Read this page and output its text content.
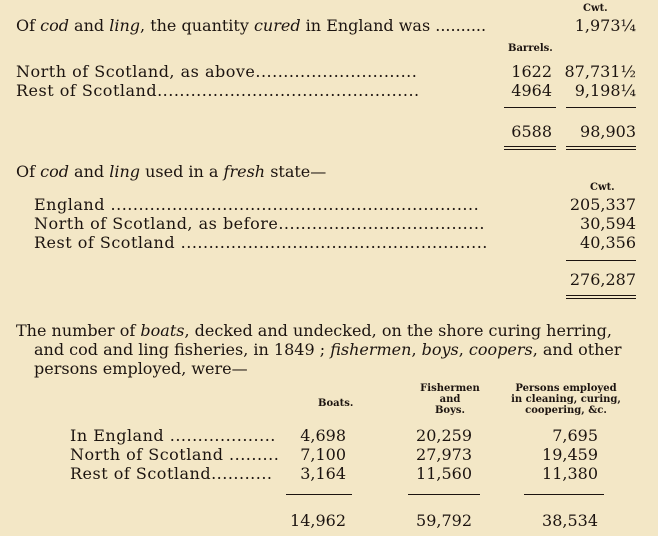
Cwt.
Of cod and ling, the quantity cured in England was ..........	1,973¼
Barrels.
North of Scotland, as above.............................	1622 87,731½
Rest of Scotland...............................................	4964 9,198¼
6588 98,903
Of cod and ling used in a fresh state—
Cwt.
England ..................................................................	205,337
North of Scotland, as before.....................................	30,594
Rest of Scotland .......................................................	40,356
276,287
The number of boats, decked and undecked, on the shore curing herring,
and cod and ling fisheries, in 1849 ; fishermen, boys, coopers, and other
persons employed, were—
Boats.
Fishermen
and
Boys.
Persons employed
in cleaning, curing,
coopering, &c.
In England ...................	4,698	20,259	7,695
North of Scotland .........	7,100	27,973	19,459
Rest of Scotland...........	3,164	11,560	11,380
14,962	59,792	38,534
